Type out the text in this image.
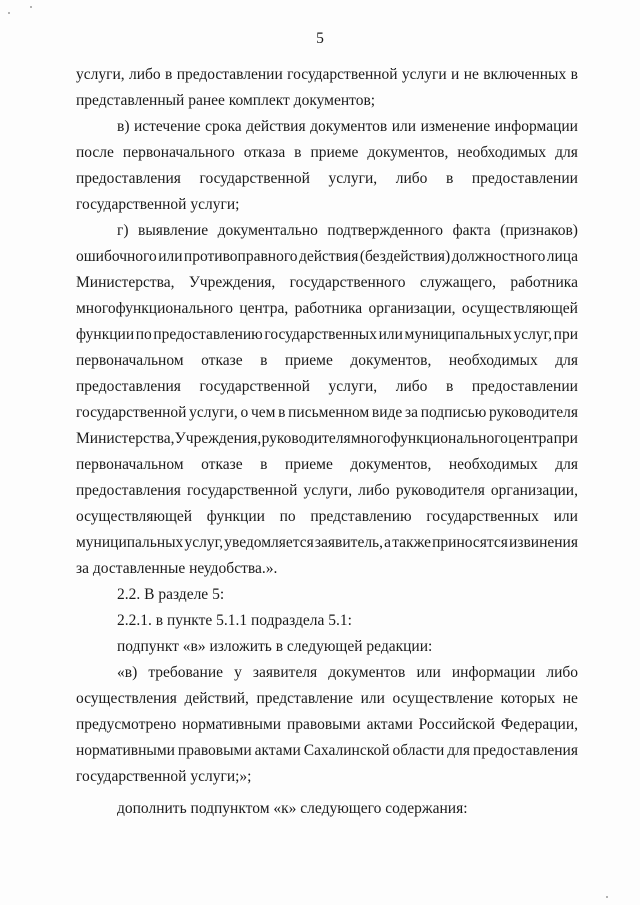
5
услуги, либо в предоставлении государственной услуги и не включенных в
представленный ранее комплект документов;
в) истечение срока действия документов или изменение информации
после первоначального отказа в приеме документов, необходимых для
предоставления государственной услуги, либо в предоставлении
государственной услуги;
г) выявление документально подтвержденного факта (признаков)
ошибочного или противоправного действия (бездействия) должностного лица
Министерства, Учреждения, государственного служащего, работника
многофункционального центра, работника организации, осуществляющей
функции по предоставлению государственных или муниципальных услуг, при
первоначальном отказе в приеме документов, необходимых для
предоставления государственной услуги, либо в предоставлении
государственной услуги, о чем в письменном виде за подписью руководителя
Министерства, Учреждения, руководителя многофункционального центра при
первоначальном отказе в приеме документов, необходимых для
предоставления государственной услуги, либо руководителя организации,
осуществляющей функции по представлению государственных или
муниципальных услуг, уведомляется заявитель, а также приносятся извинения
за доставленные неудобства.».
2.2. В разделе 5:
2.2.1. в пункте 5.1.1 подраздела 5.1:
подпункт «в» изложить в следующей редакции:
«в) требование у заявителя документов или информации либо
осуществления действий, представление или осуществление которых не
предусмотрено нормативными правовыми актами Российской Федерации,
нормативными правовыми актами Сахалинской области для предоставления
государственной услуги;»;
дополнить подпунктом «к» следующего содержания:
